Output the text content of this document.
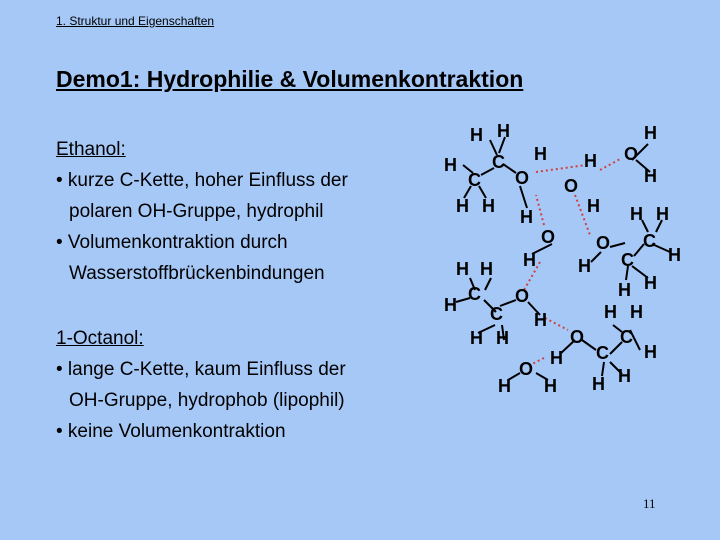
1. Struktur und Eigenschaften
Demo1: Hydrophilie & Volumenkontraktion
Ethanol:
• kurze C-Kette, hoher Einfluss der
polaren OH-Gruppe, hydrophil
• Volumenkontraktion durch
Wasserstoffbrückenbindungen
1-Octanol:
• lange C-Kette, kaum Einfluss der
OH-Gruppe, hydrophob (lipophil)
• keine Volumenkontraktion
H H
C H
H
C O
H H
H
O
H
H
O
H
H
O
H
O
H C
C
H H
H
H
H
H H
H
C O
C H
H H
H H
O C
C H
H
H H
O
H H
11
